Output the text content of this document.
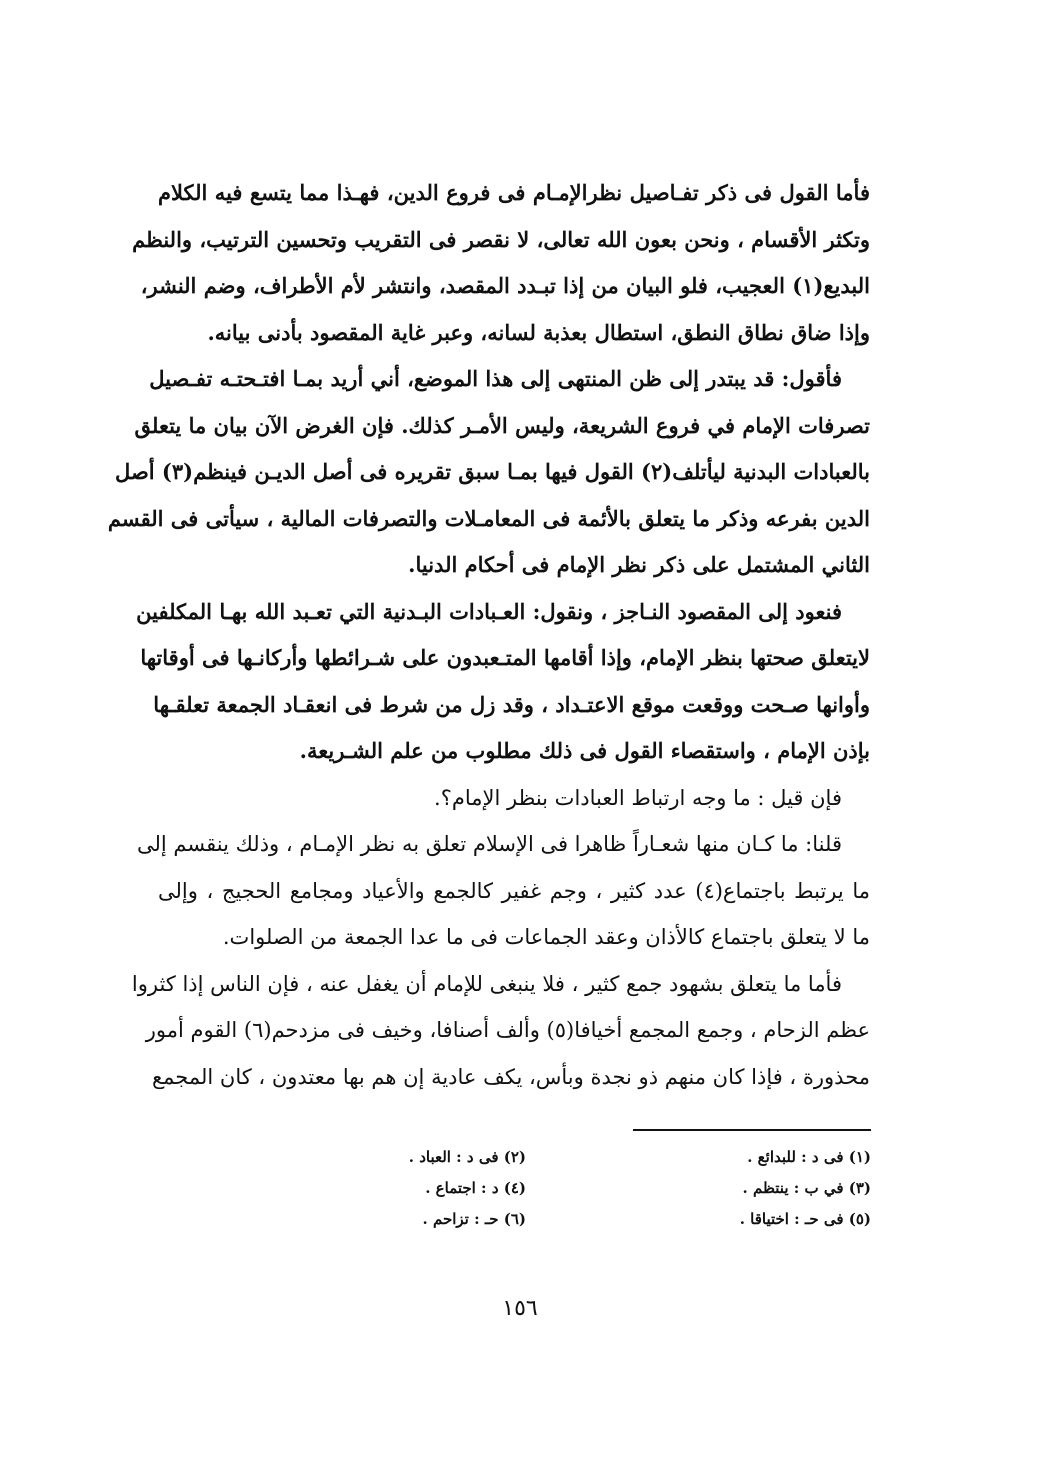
فأما القول فى ذكر تفـاصيل نظرالإمـام فى فروع الدين، فهـذا مما يتسع فيه الكلام
وتكثر الأقسام ، ونحن بعون الله تعالى، لا نقصر فى التقريب وتحسين الترتيب، والنظم
البديع(١) العجيب، فلو البيان من إذا تبـدد المقصد، وانتشر لأم الأطراف، وضم النشر،
وإذا ضاق نطاق النطق، استطال بعذبة لسانه، وعبر غاية المقصود بأدنى بيانه.
فأقول: قد يبتدر إلى ظن المنتهى إلى هذا الموضع، أني أريد بمـا افتـحتـه تفـصيل
تصرفات الإمام في فروع الشريعة، وليس الأمـر كذلك. فإن الغرض الآن بيان ما يتعلق
بالعبادات البدنية ليأتلف(٢) القول فيها بمـا سبق تقريره فى أصل الديـن فينظم(٣) أصل
الدين بفرعه وذكر ما يتعلق بالأئمة فى المعامـلات والتصرفات المالية ، سيأتى فى القسم
الثاني المشتمل على ذكر نظر الإمام فى أحكام الدنيا.
فنعود إلى المقصود النـاجز ، ونقول: العـبادات البـدنية التي تعـبد الله بهـا المكلفين
لايتعلق صحتها بنظر الإمام، وإذا أقامها المتـعبدون على شـرائطها وأركانـها فى أوقاتها
وأوانها صـحت ووقعت موقع الاعتـداد ، وقد زل من شرط فى انعقـاد الجمعة تعلقـها
بإذن الإمام ، واستقصاء القول فى ذلك مطلوب من علم الشـريعة.
فإن قيل : ما وجه ارتباط العبادات بنظر الإمام؟.
قلنا: ما كـان منها شعـاراً ظاهرا فى الإسلام تعلق به نظر الإمـام ، وذلك ينقسم إلى
ما يرتبط باجتماع(٤) عدد كثير ، وجم غفير كالجمع والأعياد ومجامع الحجيج ، وإلى
ما لا يتعلق باجتماع كالأذان وعقد الجماعات فى ما عدا الجمعة من الصلوات.
فأما ما يتعلق بشهود جمع كثير ، فلا ينبغى للإمام أن يغفل عنه ، فإن الناس إذا كثروا
عظم الزحام ، وجمع المجمع أخيافا(٥) وألف أصنافا، وخيف فى مزدحم(٦) القوم أمور
محذورة ، فإذا كان منهم ذو نجدة وبأس، يكف عادية إن هم بها معتدون ، كان المجمع
(١) فى د : للبدائع .
(٣) في ب : ينتظم .
(٥) فى حـ : اختياقا .
(٢) فى د : العباد .
(٤) د : اجتماع .
(٦) حـ : تزاحم .
١٥٦
